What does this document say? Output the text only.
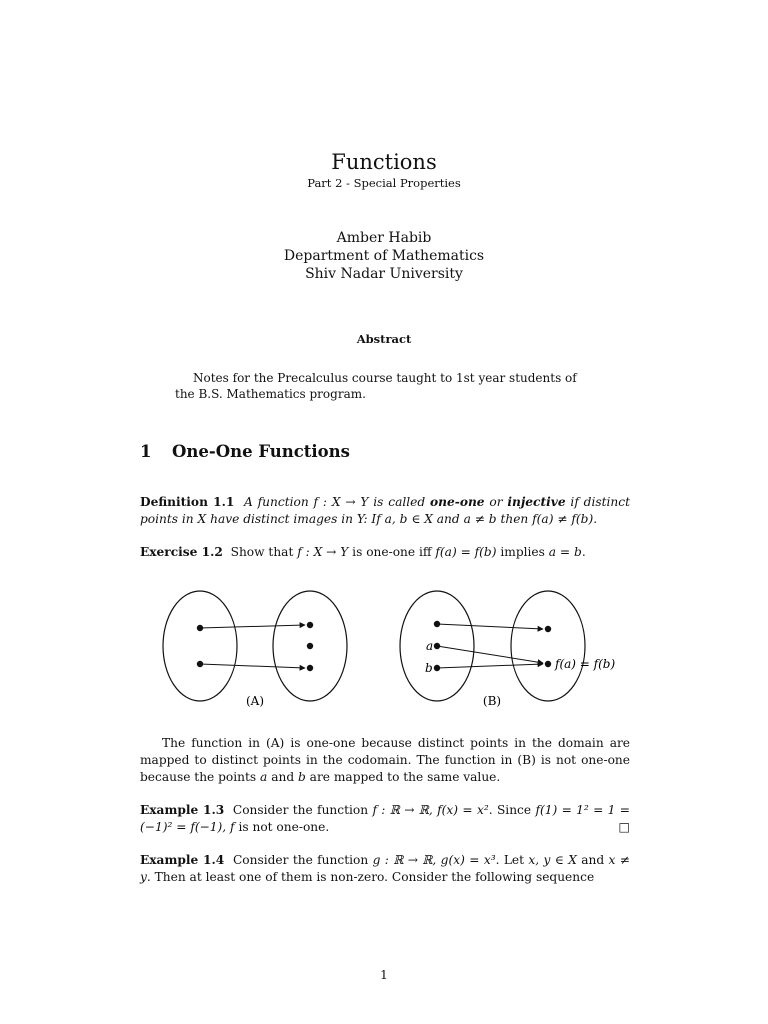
Functions
Part 2 - Special Properties
Amber Habib
Department of Mathematics
Shiv Nadar University
Abstract
Notes for the Precalculus course taught to 1st year students of the B.S. Mathematics program.
1 One-One Functions
Definition 1.1 A function f : X → Y is called one-one or injective if distinct points in X have distinct images in Y: If a, b ∈ X and a ≠ b then f(a) ≠ f(b).
Exercise 1.2 Show that f : X → Y is one-one iff f(a) = f(b) implies a = b.
a
b	f(a) = f(b)
(A)	(B)
The function in (A) is one-one because distinct points in the domain are mapped to distinct points in the codomain. The function in (B) is not one-one because the points a and b are mapped to the same value.
Example 1.3 Consider the function f : ℝ → ℝ, f(x) = x². Since f(1) = 1² = 1 = (−1)² = f(−1), f is not one-one.	□
Example 1.4 Consider the function g : ℝ → ℝ, g(x) = x³. Let x, y ∈ X and x ≠ y. Then at least one of them is non-zero. Consider the following sequence
1
